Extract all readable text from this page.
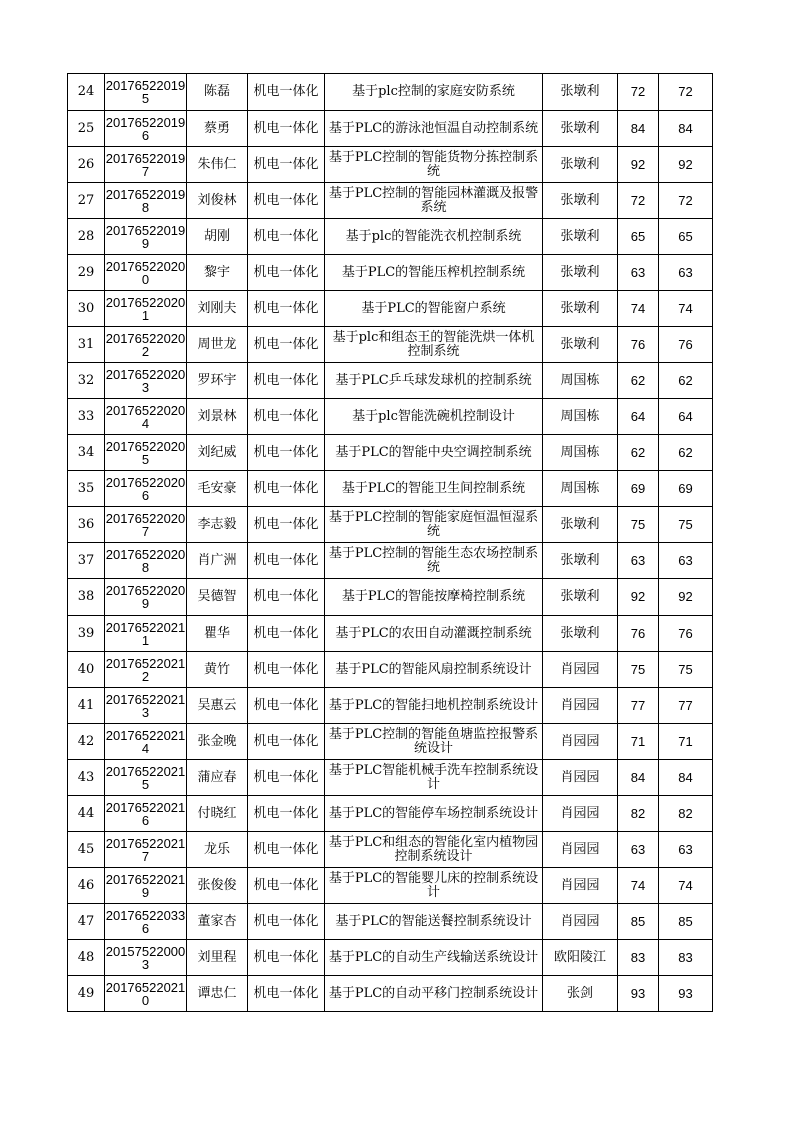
24	201765220195	陈磊	机电一体化	基于plc控制的家庭安防系统	张墩利	72	72
25	201765220196	蔡勇	机电一体化	基于PLC的游泳池恒温自动控制系统	张墩利	84	84
26	201765220197	朱伟仁	机电一体化	基于PLC控制的智能货物分拣控制系统	张墩利	92	92
27	201765220198	刘俊林	机电一体化	基于PLC控制的智能园林灌溉及报警系统	张墩利	72	72
28	201765220199	胡刚	机电一体化	基于plc的智能洗衣机控制系统	张墩利	65	65
29	201765220200	黎宇	机电一体化	基于PLC的智能压榨机控制系统	张墩利	63	63
30	201765220201	刘刚夫	机电一体化	基于PLC的智能窗户系统	张墩利	74	74
31	201765220202	周世龙	机电一体化	基于plc和组态王的智能洗烘一体机控制系统	张墩利	76	76
32	201765220203	罗环宇	机电一体化	基于PLC乒乓球发球机的控制系统	周国栋	62	62
33	201765220204	刘景林	机电一体化	基于plc智能洗碗机控制设计	周国栋	64	64
34	201765220205	刘纪威	机电一体化	基于PLC的智能中央空调控制系统	周国栋	62	62
35	201765220206	毛安豪	机电一体化	基于PLC的智能卫生间控制系统	周国栋	69	69
36	201765220207	李志毅	机电一体化	基于PLC控制的智能家庭恒温恒湿系统	张墩利	75	75
37	201765220208	肖广洲	机电一体化	基于PLC控制的智能生态农场控制系统	张墩利	63	63
38	201765220209	吴德智	机电一体化	基于PLC的智能按摩椅控制系统	张墩利	92	92
39	201765220211	瞿华	机电一体化	基于PLC的农田自动灌溉控制系统	张墩利	76	76
40	201765220212	黄竹	机电一体化	基于PLC的智能风扇控制系统设计	肖园园	75	75
41	201765220213	吴惠云	机电一体化	基于PLC的智能扫地机控制系统设计	肖园园	77	77
42	201765220214	张金晚	机电一体化	基于PLC控制的智能鱼塘监控报警系统设计	肖园园	71	71
43	201765220215	蒲应春	机电一体化	基于PLC智能机械手洗车控制系统设计	肖园园	84	84
44	201765220216	付晓红	机电一体化	基于PLC的智能停车场控制系统设计	肖园园	82	82
45	201765220217	龙乐	机电一体化	基于PLC和组态的智能化室内植物园控制系统设计	肖园园	63	63
46	201765220219	张俊俊	机电一体化	基于PLC的智能婴儿床的控制系统设计	肖园园	74	74
47	201765220336	董家杏	机电一体化	基于PLC的智能送餐控制系统设计	肖园园	85	85
48	201575220003	刘里程	机电一体化	基于PLC的自动生产线输送系统设计	欧阳陵江	83	83
49	201765220210	谭忠仁	机电一体化	基于PLC的自动平移门控制系统设计	张剑	93	93
